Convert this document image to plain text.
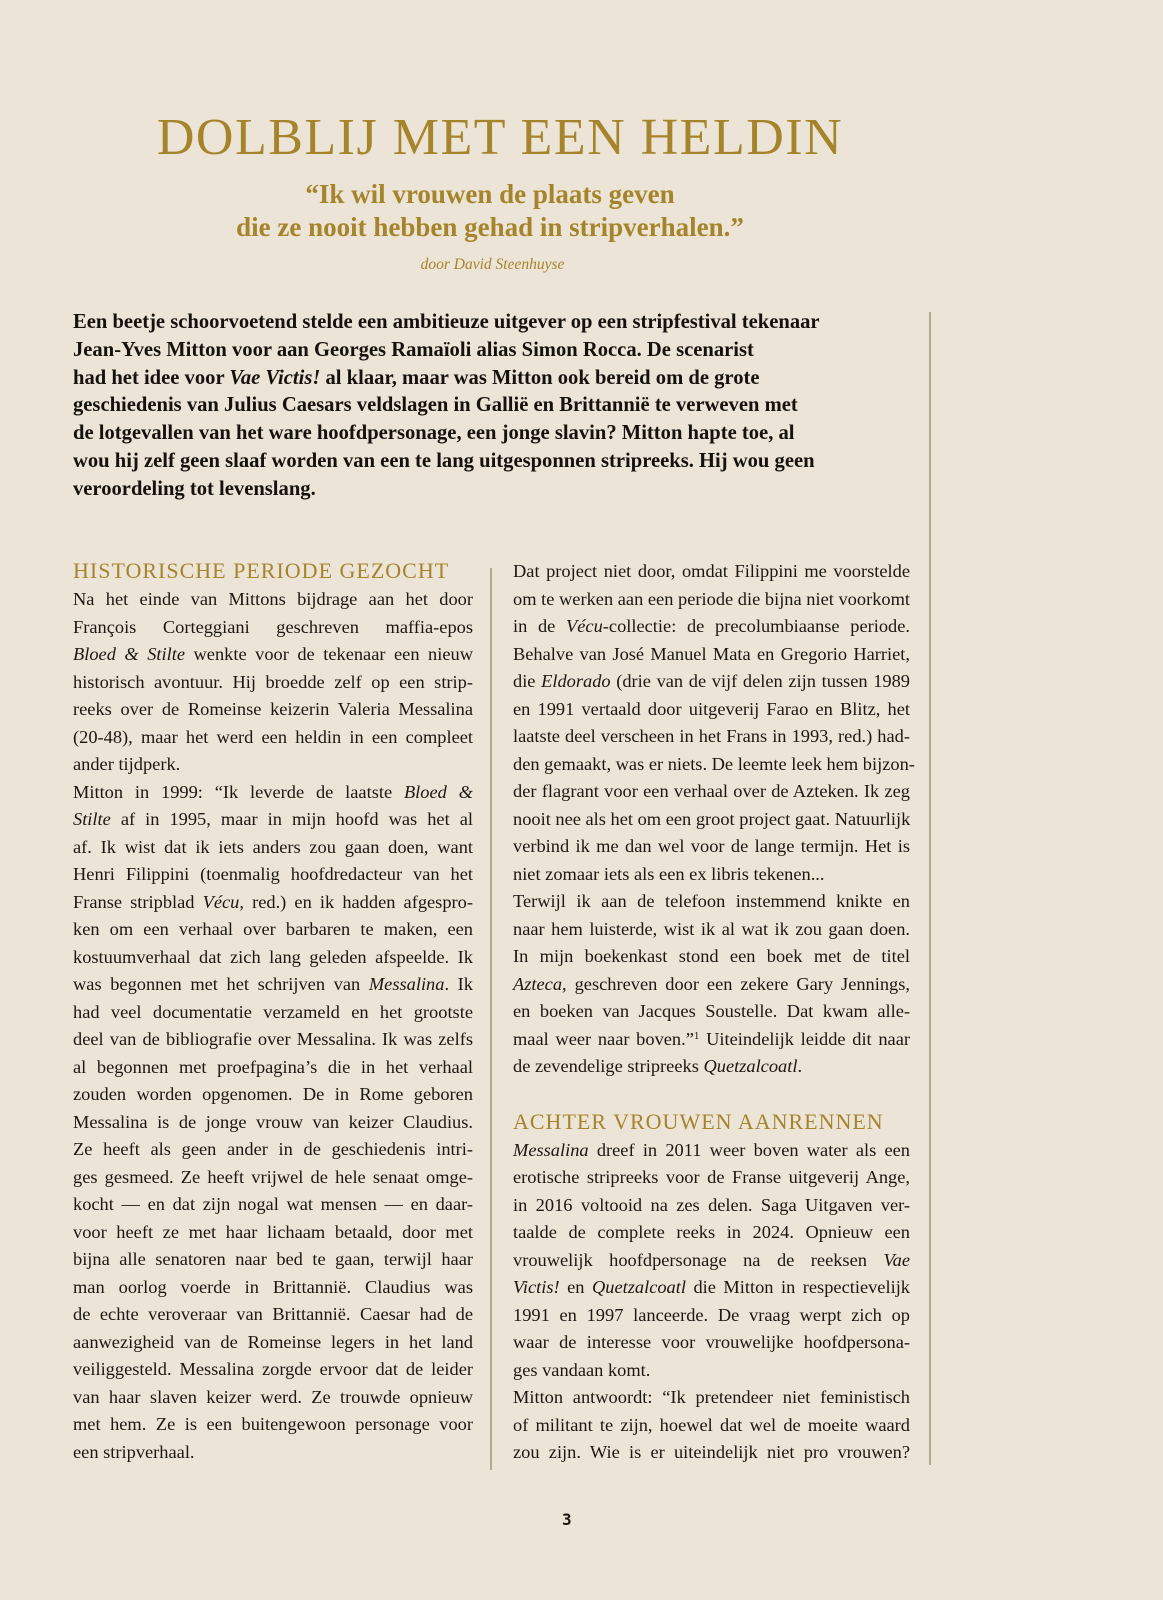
DOLBLIJ MET EEN HELDIN
“Ik wil vrouwen de plaats geven
die ze nooit hebben gehad in stripverhalen.”

door David Steenhuyse

Een beetje schoorvoetend stelde een ambitieuze uitgever op een stripfestival tekenaar
Jean-Yves Mitton voor aan Georges Ramaïoli alias Simon Rocca. De scenarist
had het idee voor Vae Victis! al klaar, maar was Mitton ook bereid om de grote
geschiedenis van Julius Caesars veldslagen in Gallië en Brittannië te verweven met
de lotgevallen van het ware hoofdpersonage, een jonge slavin? Mitton hapte toe, al
wou hij zelf geen slaaf worden van een te lang uitgesponnen stripreeks. Hij wou geen
veroordeling tot levenslang.
HISTORISCHE PERIODE GEZOCHT
Na het einde van Mittons bijdrage aan het door
François Corteggiani geschreven maffia-epos
Bloed & Stilte wenkte voor de tekenaar een nieuw
historisch avontuur. Hij broedde zelf op een strip-
reeks over de Romeinse keizerin Valeria Messalina
(20-48), maar het werd een heldin in een compleet
ander tijdperk.
Mitton in 1999: “Ik leverde de laatste Bloed &
Stilte af in 1995, maar in mijn hoofd was het al
af. Ik wist dat ik iets anders zou gaan doen, want
Henri Filippini (toenmalig hoofdredacteur van het
Franse stripblad Vécu, red.) en ik hadden afgespro-
ken om een verhaal over barbaren te maken, een
kostuumverhaal dat zich lang geleden afspeelde. Ik
was begonnen met het schrijven van Messalina. Ik
had veel documentatie verzameld en het grootste
deel van de bibliografie over Messalina. Ik was zelfs
al begonnen met proefpagina’s die in het verhaal
zouden worden opgenomen. De in Rome geboren
Messalina is de jonge vrouw van keizer Claudius.
Ze heeft als geen ander in de geschiedenis intri-
ges gesmeed. Ze heeft vrijwel de hele senaat omge-
kocht — en dat zijn nogal wat mensen — en daar-
voor heeft ze met haar lichaam betaald, door met
bijna alle senatoren naar bed te gaan, terwijl haar
man oorlog voerde in Brittannië. Claudius was
de echte veroveraar van Brittannië. Caesar had de
aanwezigheid van de Romeinse legers in het land
veiliggesteld. Messalina zorgde ervoor dat de leider
van haar slaven keizer werd. Ze trouwde opnieuw
met hem. Ze is een buitengewoon personage voor
een stripverhaal.
Dat project niet door, omdat Filippini me voorstelde
om te werken aan een periode die bijna niet voorkomt
in de Vécu-collectie: de precolumbiaanse periode.
Behalve van José Manuel Mata en Gregorio Harriet,
die Eldorado (drie van de vijf delen zijn tussen 1989
en 1991 vertaald door uitgeverij Farao en Blitz, het
laatste deel verscheen in het Frans in 1993, red.) had-
den gemaakt, was er niets. De leemte leek hem bijzon-
der flagrant voor een verhaal over de Azteken. Ik zeg
nooit nee als het om een groot project gaat. Natuurlijk
verbind ik me dan wel voor de lange termijn. Het is
niet zomaar iets als een ex libris tekenen...
Terwijl ik aan de telefoon instemmend knikte en
naar hem luisterde, wist ik al wat ik zou gaan doen.
In mijn boekenkast stond een boek met de titel
Azteca, geschreven door een zekere Gary Jennings,
en boeken van Jacques Soustelle. Dat kwam alle-
maal weer naar boven.”$^1$ Uiteindelijk leidde dit naar
de zevendelige stripreeks Quetzalcoatl.
ACHTER VROUWEN AANRENNEN
Messalina dreef in 2011 weer boven water als een
erotische stripreeks voor de Franse uitgeverij Ange,
in 2016 voltooid na zes delen. Saga Uitgaven ver-
taalde de complete reeks in 2024. Opnieuw een
vrouwelijk hoofdpersonage na de reeksen Vae
Victis! en Quetzalcoatl die Mitton in respectievelijk
1991 en 1997 lanceerde. De vraag werpt zich op
waar de interesse voor vrouwelijke hoofdpersona-
ges vandaan komt.
Mitton antwoordt: “Ik pretendeer niet feministisch
of militant te zijn, hoewel dat wel de moeite waard
zou zijn. Wie is er uiteindelijk niet pro vrouwen?
3
